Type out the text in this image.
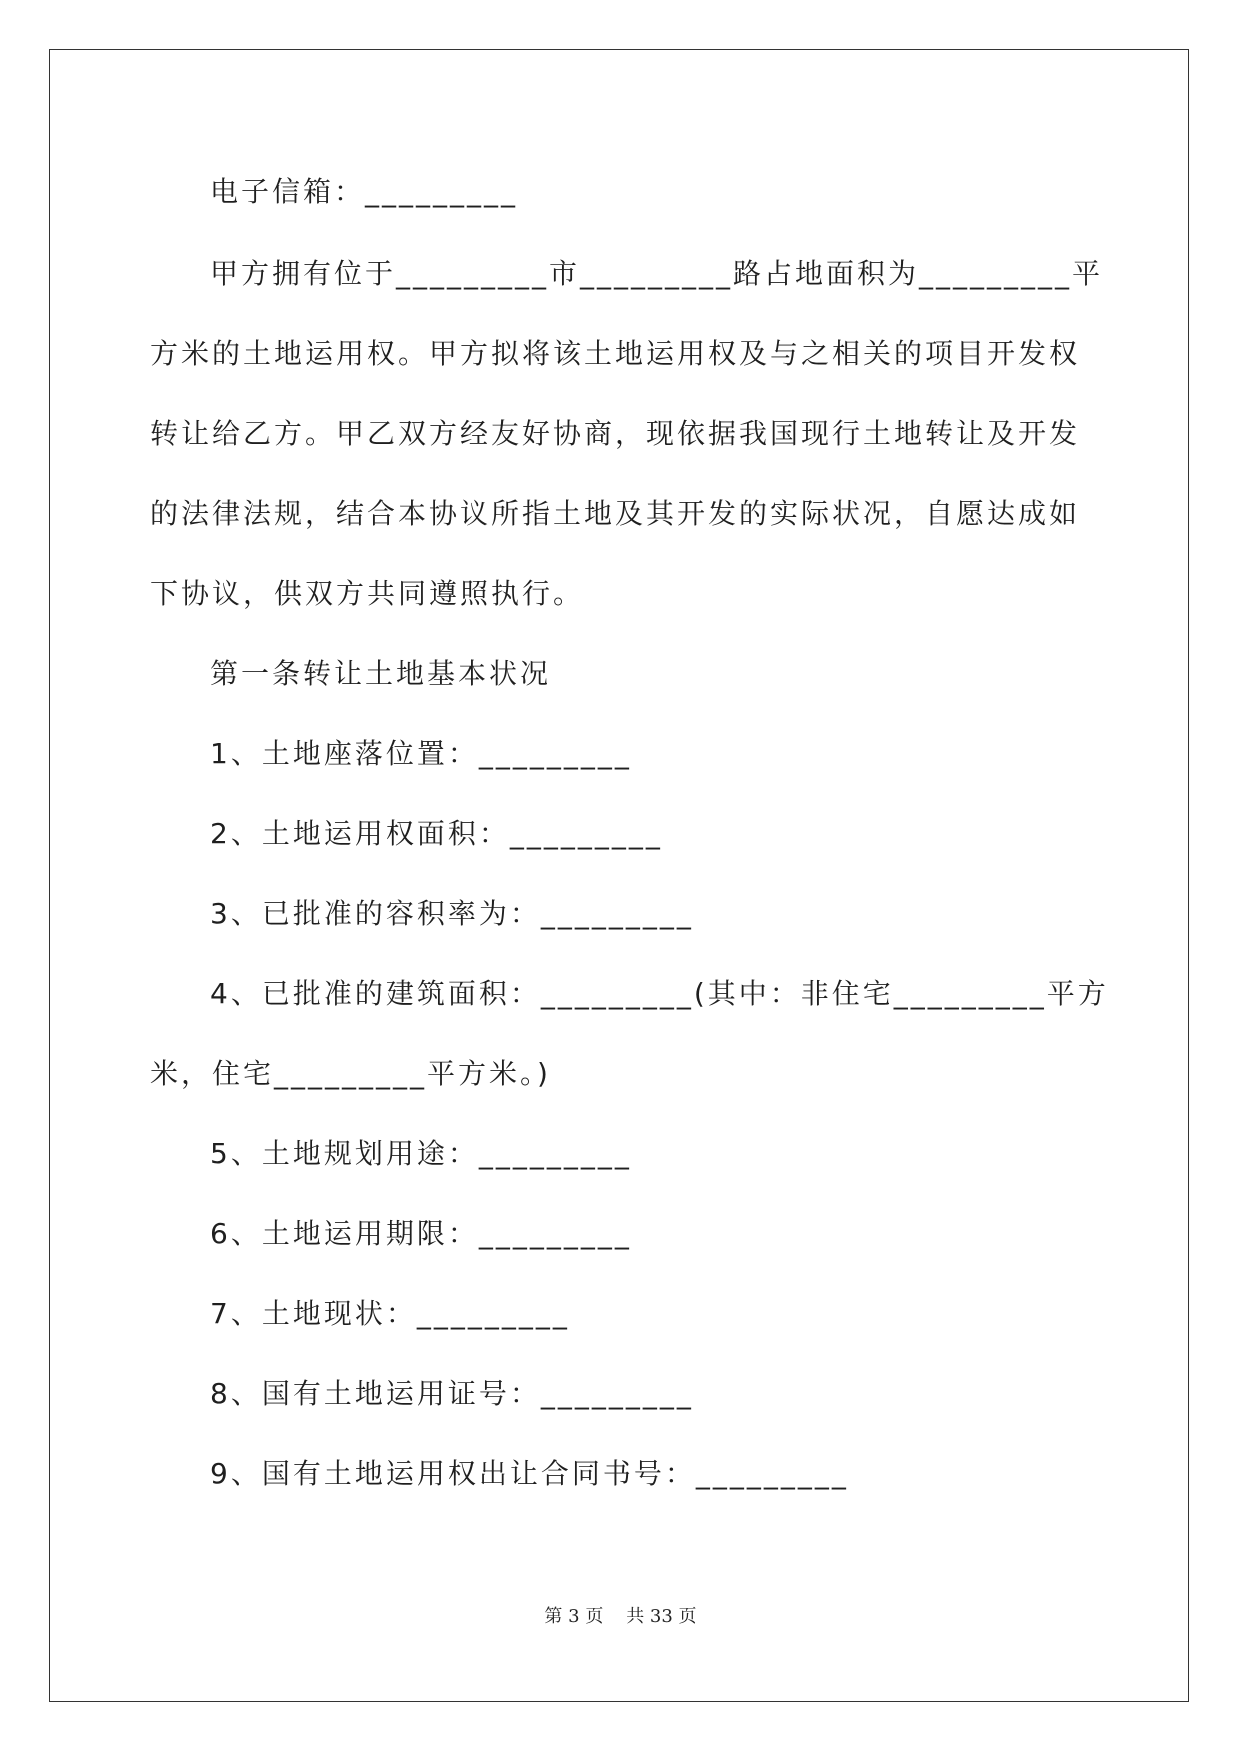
电子信箱：_________

甲方拥有位于_________市_________路占地面积为_________平

方米的土地运用权。甲方拟将该土地运用权及与之相关的项目开发权

转让给乙方。甲乙双方经友好协商，现依据我国现行土地转让及开发

的法律法规，结合本协议所指土地及其开发的实际状况，自愿达成如

下协议，供双方共同遵照执行。

第一条转让土地基本状况

1、土地座落位置：_________

2、土地运用权面积：_________

3、已批准的容积率为：_________

4、已批准的建筑面积：_________(其中：非住宅_________平方

米，住宅_________平方米。)

5、土地规划用途：_________

6、土地运用期限：_________

7、土地现状：_________

8、国有土地运用证号：_________

9、国有土地运用权出让合同书号：_________

第 3 页    共 33 页
